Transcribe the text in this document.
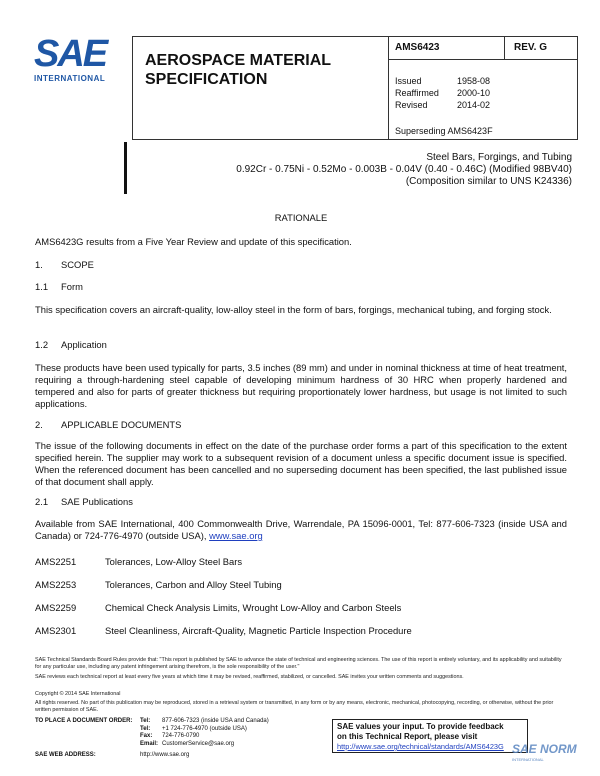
SAE
INTERNATIONAL
AEROSPACE MATERIAL SPECIFICATION
AMS6423	REV. G
Issued	1958-08
Reaffirmed	2000-10
Revised	2014-02
Superseding AMS6423F
Steel Bars, Forgings, and Tubing
0.92Cr - 0.75Ni - 0.52Mo - 0.003B - 0.04V (0.40 - 0.46C) (Modified 98BV40)
(Composition similar to UNS K24336)
RATIONALE
AMS6423G results from a Five Year Review and update of this specification.
1. SCOPE
1.1 Form
This specification covers an aircraft-quality, low-alloy steel in the form of bars, forgings, mechanical tubing, and forging stock.
1.2 Application
These products have been used typically for parts, 3.5 inches (89 mm) and under in nominal thickness at time of heat treatment, requiring a through-hardening steel capable of developing minimum hardness of 30 HRC when properly hardened and tempered and also for parts of greater thickness but requiring proportionately lower hardness, but usage is not limited to such applications.
2. APPLICABLE DOCUMENTS
The issue of the following documents in effect on the date of the purchase order forms a part of this specification to the extent specified herein. The supplier may work to a subsequent revision of a document unless a specific document issue is specified. When the referenced document has been cancelled and no superseding document has been specified, the last published issue of that document shall apply.
2.1 SAE Publications
Available from SAE International, 400 Commonwealth Drive, Warrendale, PA 15096-0001, Tel: 877-606-7323 (inside USA and Canada) or 724-776-4970 (outside USA), www.sae.org
AMS2251	Tolerances, Low-Alloy Steel Bars
AMS2253	Tolerances, Carbon and Alloy Steel Tubing
AMS2259	Chemical Check Analysis Limits, Wrought Low-Alloy and Carbon Steels
AMS2301	Steel Cleanliness, Aircraft-Quality, Magnetic Particle Inspection Procedure
SAE Technical Standards Board Rules provide that: "This report is published by SAE to advance the state of technical and engineering sciences. The use of this report is entirely voluntary, and its applicability and suitability for any particular use, including any patent infringement arising therefrom, is the sole responsibility of the user."
SAE reviews each technical report at least every five years at which time it may be revised, reaffirmed, stabilized, or cancelled. SAE invites your written comments and suggestions.
Copyright © 2014 SAE International
All rights reserved. No part of this publication may be reproduced, stored in a retrieval system or transmitted, in any form or by any means, electronic, mechanical, photocopying, recording, or otherwise, without the prior written permission of SAE.
TO PLACE A DOCUMENT ORDER:	Tel:	877-606-7323 (inside USA and Canada)
Tel:	+1 724-776-4970 (outside USA)
Fax:	724-776-0790
Email: CustomerService@sae.org
SAE WEB ADDRESS:	http://www.sae.org
SAE values your input. To provide feedback
on this Technical Report, please visit
http://www.sae.org/technical/standards/AMS6423G SAE NORM
INTERNATIONAL
